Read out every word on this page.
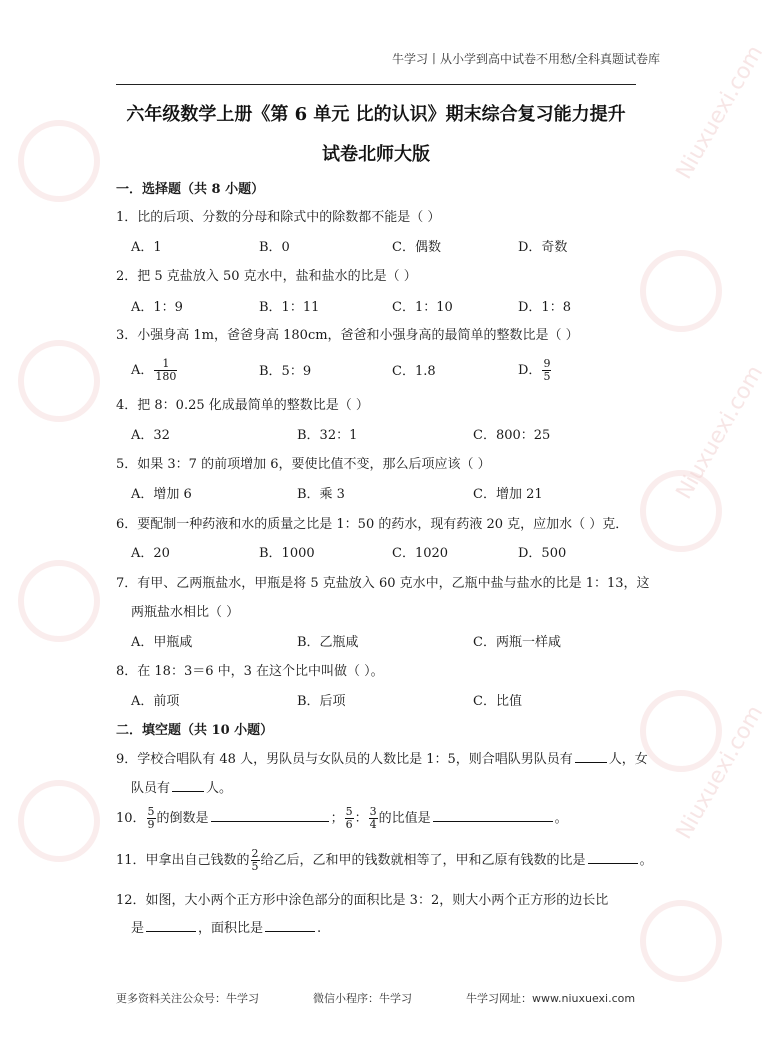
Niuxuexi.com
Niuxuexi.com
Niuxuexi.com
牛学习丨从小学到高中试卷不用愁/全科真题试卷库
六年级数学上册《第 6 单元 比的认识》期末综合复习能力提升
试卷北师大版
一．选择题（共 8 小题）
1．比的后项、分数的分母和除式中的除数都不能是（ ）
A．1	B．0	C．偶数	D．奇数
2．把 5 克盐放入 50 克水中，盐和盐水的比是（ ）
A．1：9	B．1：11	C．1：10	D．1：8
3．小强身高 1m，爸爸身高 180cm，爸爸和小强身高的最简单的整数比是（ ）
A． $\frac{1}{180}$	B．5：9	C．1.8	D． $\frac{9}{5}$
4．把 8：0.25 化成最简单的整数比是（ ）
A．32	B．32：1	C．800：25
5．如果 3：7 的前项增加 6，要使比值不变，那么后项应该（ ）
A．增加 6	B．乘 3	C．增加 21
6．要配制一种药液和水的质量之比是 1：50 的药水，现有药液 20 克，应加水（ ）克．
A．20	B．1000	C．1020	D．500
7．有甲、乙两瓶盐水，甲瓶是将 5 克盐放入 60 克水中，乙瓶中盐与盐水的比是 1：13，这
两瓶盐水相比（ ）
A．甲瓶咸	B．乙瓶咸	C．两瓶一样咸
8．在 18：3＝6 中，3 在这个比中叫做（ ）。
A．前项	B．后项	C．比值
二．填空题（共 10 小题）
9．学校合唱队有 48 人，男队员与女队员的人数比是 1：5，则合唱队男队员有	人，女
队员有	人。
10． $\frac{5}{9}$ 的倒数是	； $\frac{5}{6}$ ： $\frac{3}{4}$ 的比值是	。
11．甲拿出自己钱数的 $\frac{2}{5}$ 给乙后，乙和甲的钱数就相等了，甲和乙原有钱数的比是	。
12．如图，大小两个正方形中涂色部分的面积比是 3：2，则大小两个正方形的边长比
是	，面积比是	.
更多资料关注公众号：牛学习	微信小程序：牛学习	牛学习网址：www.niuxuexi.com
